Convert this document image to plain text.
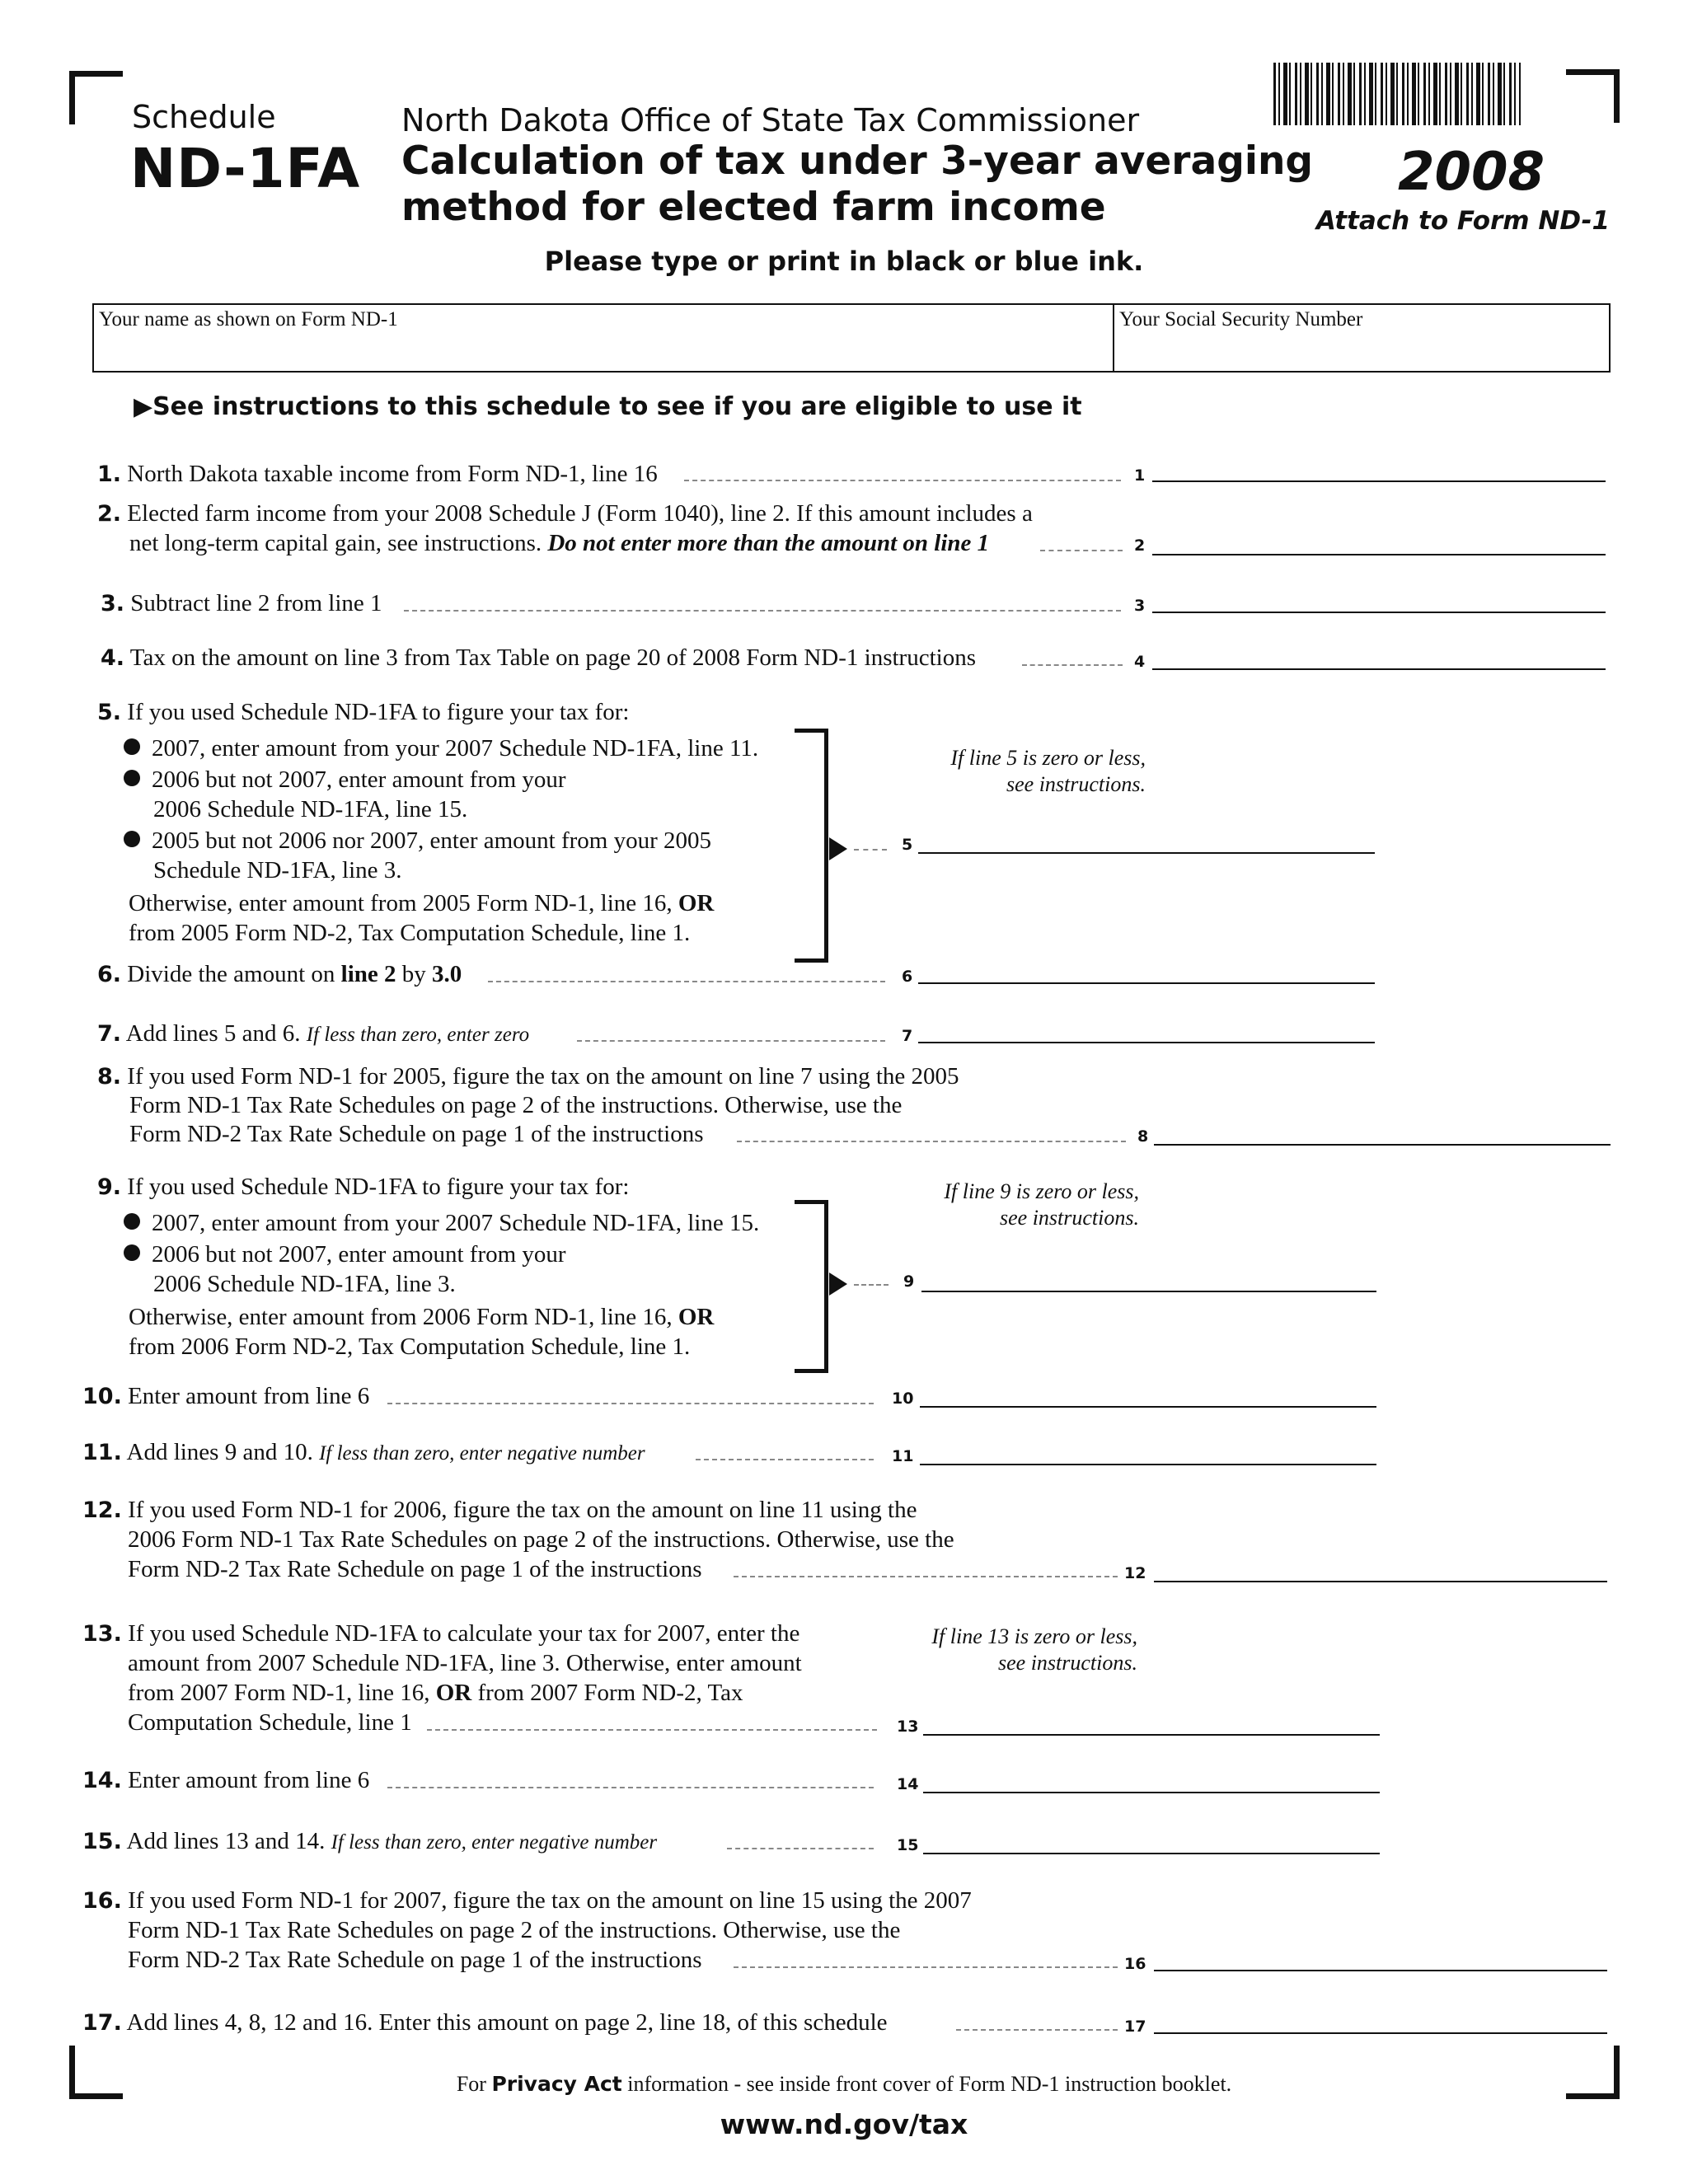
Schedule
ND-1FA
North Dakota Office of State Tax Commissioner
Calculation of tax under 3-year averaging
method for elected farm income
2008
Attach to Form ND-1
Please type or print in black or blue ink.
Your name as shown on Form ND-1	Your Social Security Number
▶See instructions to this schedule to see if you are eligible to use it
1. North Dakota taxable income from Form ND-1, line 16	1
2. Elected farm income from your 2008 Schedule J (Form 1040), line 2. If this amount includes a
net long-term capital gain, see instructions. Do not enter more than the amount on line 1	2
3. Subtract line 2 from line 1	3
4. Tax on the amount on line 3 from Tax Table on page 20 of 2008 Form ND-1 instructions	4
5. If you used Schedule ND-1FA to figure your tax for:
2007, enter amount from your 2007 Schedule ND-1FA, line 11.
2006 but not 2007, enter amount from your
2006 Schedule ND-1FA, line 15.
2005 but not 2006 nor 2007, enter amount from your 2005
Schedule ND-1FA, line 3.
Otherwise, enter amount from 2005 Form ND-1, line 16, OR
from 2005 Form ND-2, Tax Computation Schedule, line 1.
If line 5 is zero or less,
see instructions.
5
6. Divide the amount on line 2 by 3.0	6
7. Add lines 5 and 6. If less than zero, enter zero	7
8. If you used Form ND-1 for 2005, figure the tax on the amount on line 7 using the 2005
Form ND-1 Tax Rate Schedules on page 2 of the instructions. Otherwise, use the
Form ND-2 Tax Rate Schedule on page 1 of the instructions	8
9. If you used Schedule ND-1FA to figure your tax for:
2007, enter amount from your 2007 Schedule ND-1FA, line 15.
2006 but not 2007, enter amount from your
2006 Schedule ND-1FA, line 3.
Otherwise, enter amount from 2006 Form ND-1, line 16, OR
from 2006 Form ND-2, Tax Computation Schedule, line 1.
If line 9 is zero or less,
see instructions.
9
10. Enter amount from line 6	10
11. Add lines 9 and 10. If less than zero, enter negative number	11
12. If you used Form ND-1 for 2006, figure the tax on the amount on line 11 using the
2006 Form ND-1 Tax Rate Schedules on page 2 of the instructions. Otherwise, use the
Form ND-2 Tax Rate Schedule on page 1 of the instructions	12
13. If you used Schedule ND-1FA to calculate your tax for 2007, enter the
amount from 2007 Schedule ND-1FA, line 3. Otherwise, enter amount
from 2007 Form ND-1, line 16, OR from 2007 Form ND-2, Tax
Computation Schedule, line 1
If line 13 is zero or less,
see instructions.
13
14. Enter amount from line 6	14
15. Add lines 13 and 14. If less than zero, enter negative number	15
16. If you used Form ND-1 for 2007, figure the tax on the amount on line 15 using the 2007
Form ND-1 Tax Rate Schedules on page 2 of the instructions. Otherwise, use the
Form ND-2 Tax Rate Schedule on page 1 of the instructions	16
17. Add lines 4, 8, 12 and 16. Enter this amount on page 2, line 18, of this schedule	17
For Privacy Act information - see inside front cover of Form ND-1 instruction booklet.
www.nd.gov/tax
